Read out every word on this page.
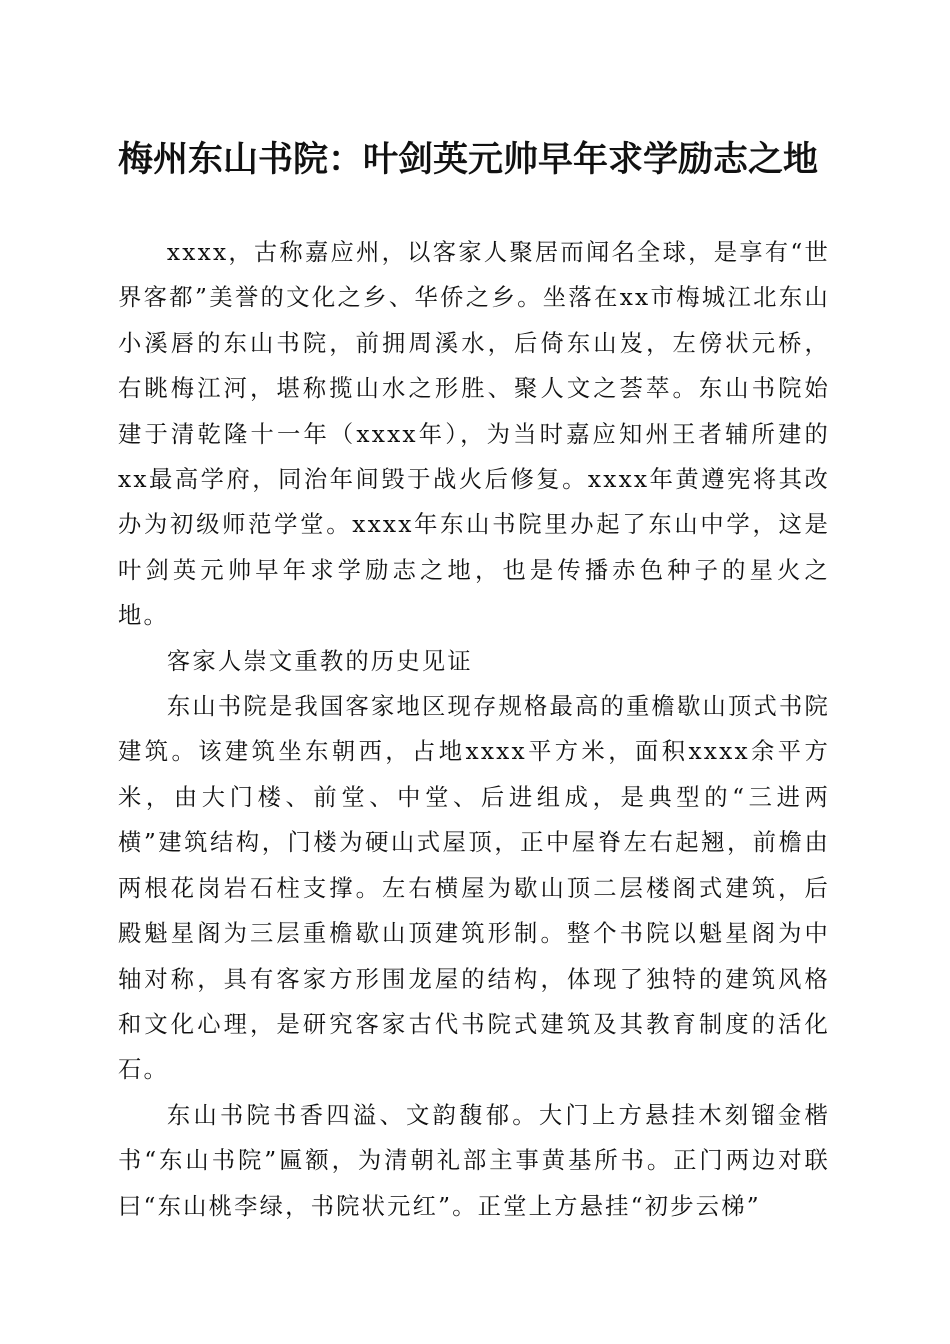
梅州东山书院：叶剑英元帅早年求学励志之地

xxxx，古称嘉应州，以客家人聚居而闻名全球，是享有“世界客都”美誉的文化之乡、华侨之乡。坐落在xx市梅城江北东山小溪唇的东山书院，前拥周溪水，后倚东山岌，左傍状元桥，右眺梅江河，堪称揽山水之形胜、聚人文之荟萃。东山书院始建于清乾隆十一年（xxxx年），为当时嘉应知州王者辅所建的xx最高学府，同治年间毁于战火后修复。xxxx年黄遵宪将其改办为初级师范学堂。xxxx年东山书院里办起了东山中学，这是叶剑英元帅早年求学励志之地，也是传播赤色种子的星火之地。

客家人崇文重教的历史见证

东山书院是我国客家地区现存规格最高的重檐歇山顶式书院建筑。该建筑坐东朝西，占地xxxx平方米，面积xxxx余平方米，由大门楼、前堂、中堂、后进组成，是典型的“三进两横”建筑结构，门楼为硬山式屋顶，正中屋脊左右起翘，前檐由两根花岗岩石柱支撑。左右横屋为歇山顶二层楼阁式建筑，后殿魁星阁为三层重檐歇山顶建筑形制。整个书院以魁星阁为中轴对称，具有客家方形围龙屋的结构，体现了独特的建筑风格和文化心理，是研究客家古代书院式建筑及其教育制度的活化石。

东山书院书香四溢、文韵馥郁。大门上方悬挂木刻镏金楷书“东山书院”匾额，为清朝礼部主事黄基所书。正门两边对联曰“东山桃李绿，书院状元红”。正堂上方悬挂“初步云梯”
